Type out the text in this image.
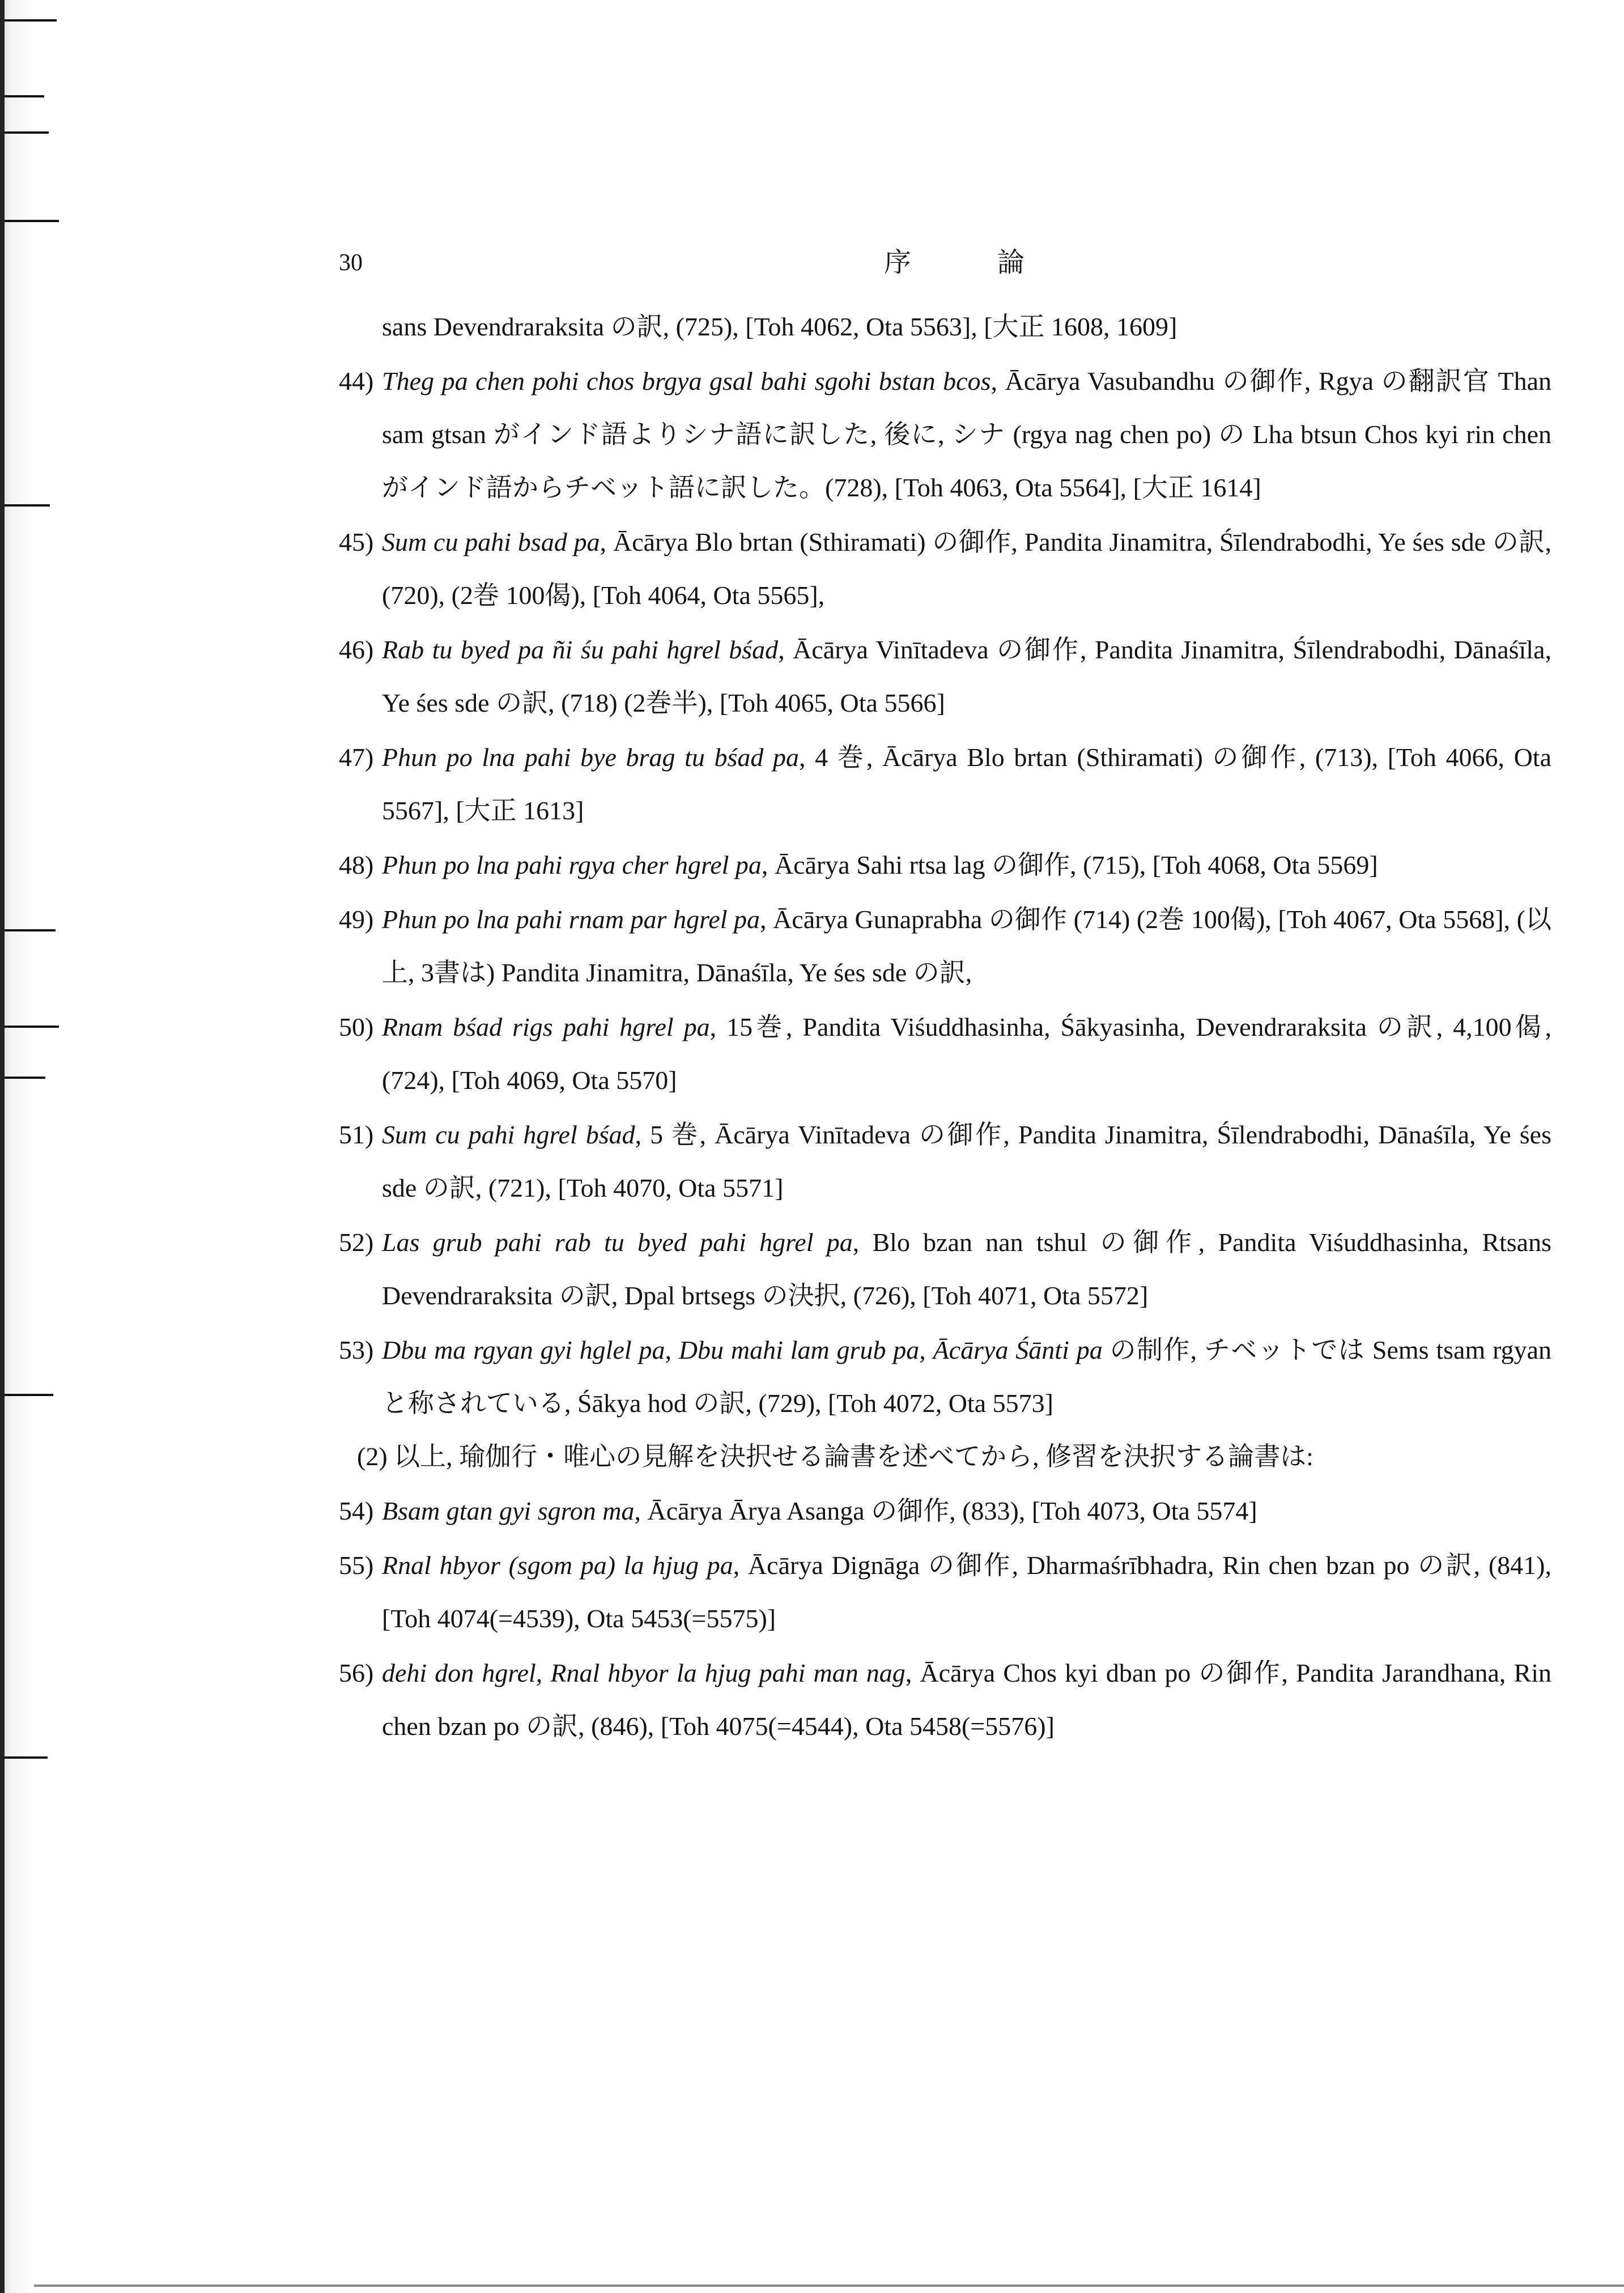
30	序 論

sans Devendraraksita の訳, (725), [Toh 4062, Ota 5563], [大正 1608, 1609]

44) Theg pa chen pohi chos brgya gsal bahi sgohi bstan bcos, Ācārya Vasubandhu の御作, Rgya の翻訳官 Than sam gtsan がインド語よりシナ語に訳した, 後に, シナ (rgya nag chen po) の Lha btsun Chos kyi rin chen がインド語からチベット語に訳した。(728), [Toh 4063, Ota 5564], [大正 1614]

45) Sum cu pahi bsad pa, Ācārya Blo brtan (Sthiramati) の御作, Pandita Jinamitra, Śīlendrabodhi, Ye śes sde の訳, (720), (2巻 100偈), [Toh 4064, Ota 5565],

46) Rab tu byed pa ñi śu pahi hgrel bśad, Ācārya Vinītadeva の御作, Pandita Jinamitra, Śīlendrabodhi, Dānaśīla, Ye śes sde の訳, (718) (2巻半), [Toh 4065, Ota 5566]

47) Phun po lna pahi bye brag tu bśad pa, 4 巻, Ācārya Blo brtan (Sthiramati) の御作, (713), [Toh 4066, Ota 5567], [大正 1613]

48) Phun po lna pahi rgya cher hgrel pa, Ācārya Sahi rtsa lag の御作, (715), [Toh 4068, Ota 5569]

49) Phun po lna pahi rnam par hgrel pa, Ācārya Gunaprabha の御作 (714) (2巻 100偈), [Toh 4067, Ota 5568], (以上, 3書は) Pandita Jinamitra, Dānaśīla, Ye śes sde の訳,

50) Rnam bśad rigs pahi hgrel pa, 15巻, Pandita Viśuddhasinha, Śākyasinha, Devendraraksita の訳, 4,100偈, (724), [Toh 4069, Ota 5570]

51) Sum cu pahi hgrel bśad, 5 巻, Ācārya Vinītadeva の御作, Pandita Jinamitra, Śīlendrabodhi, Dānaśīla, Ye śes sde の訳, (721), [Toh 4070, Ota 5571]

52) Las grub pahi rab tu byed pahi hgrel pa, Blo bzan nan tshul の御作, Pandita Viśuddhasinha, Rtsans Devendraraksita の訳, Dpal brtsegs の決択, (726), [Toh 4071, Ota 5572]

53) Dbu ma rgyan gyi hglel pa, Dbu mahi lam grub pa, Ācārya Śānti pa の制作, チベットでは Sems tsam rgyan と称されている, Śākya hod の訳, (729), [Toh 4072, Ota 5573]

(2) 以上, 瑜伽行・唯心の見解を決択せる論書を述べてから, 修習を決択する論書は:

54) Bsam gtan gyi sgron ma, Ācārya Ārya Asanga の御作, (833), [Toh 4073, Ota 5574]

55) Rnal hbyor (sgom pa) la hjug pa, Ācārya Dignāga の御作, Dharmaśrībhadra, Rin chen bzan po の訳, (841), [Toh 4074(=4539), Ota 5453(=5575)]

56) dehi don hgrel, Rnal hbyor la hjug pahi man nag, Ācārya Chos kyi dban po の御作, Pandita Jarandhana, Rin chen bzan po の訳, (846), [Toh 4075(=4544), Ota 5458(=5576)]
